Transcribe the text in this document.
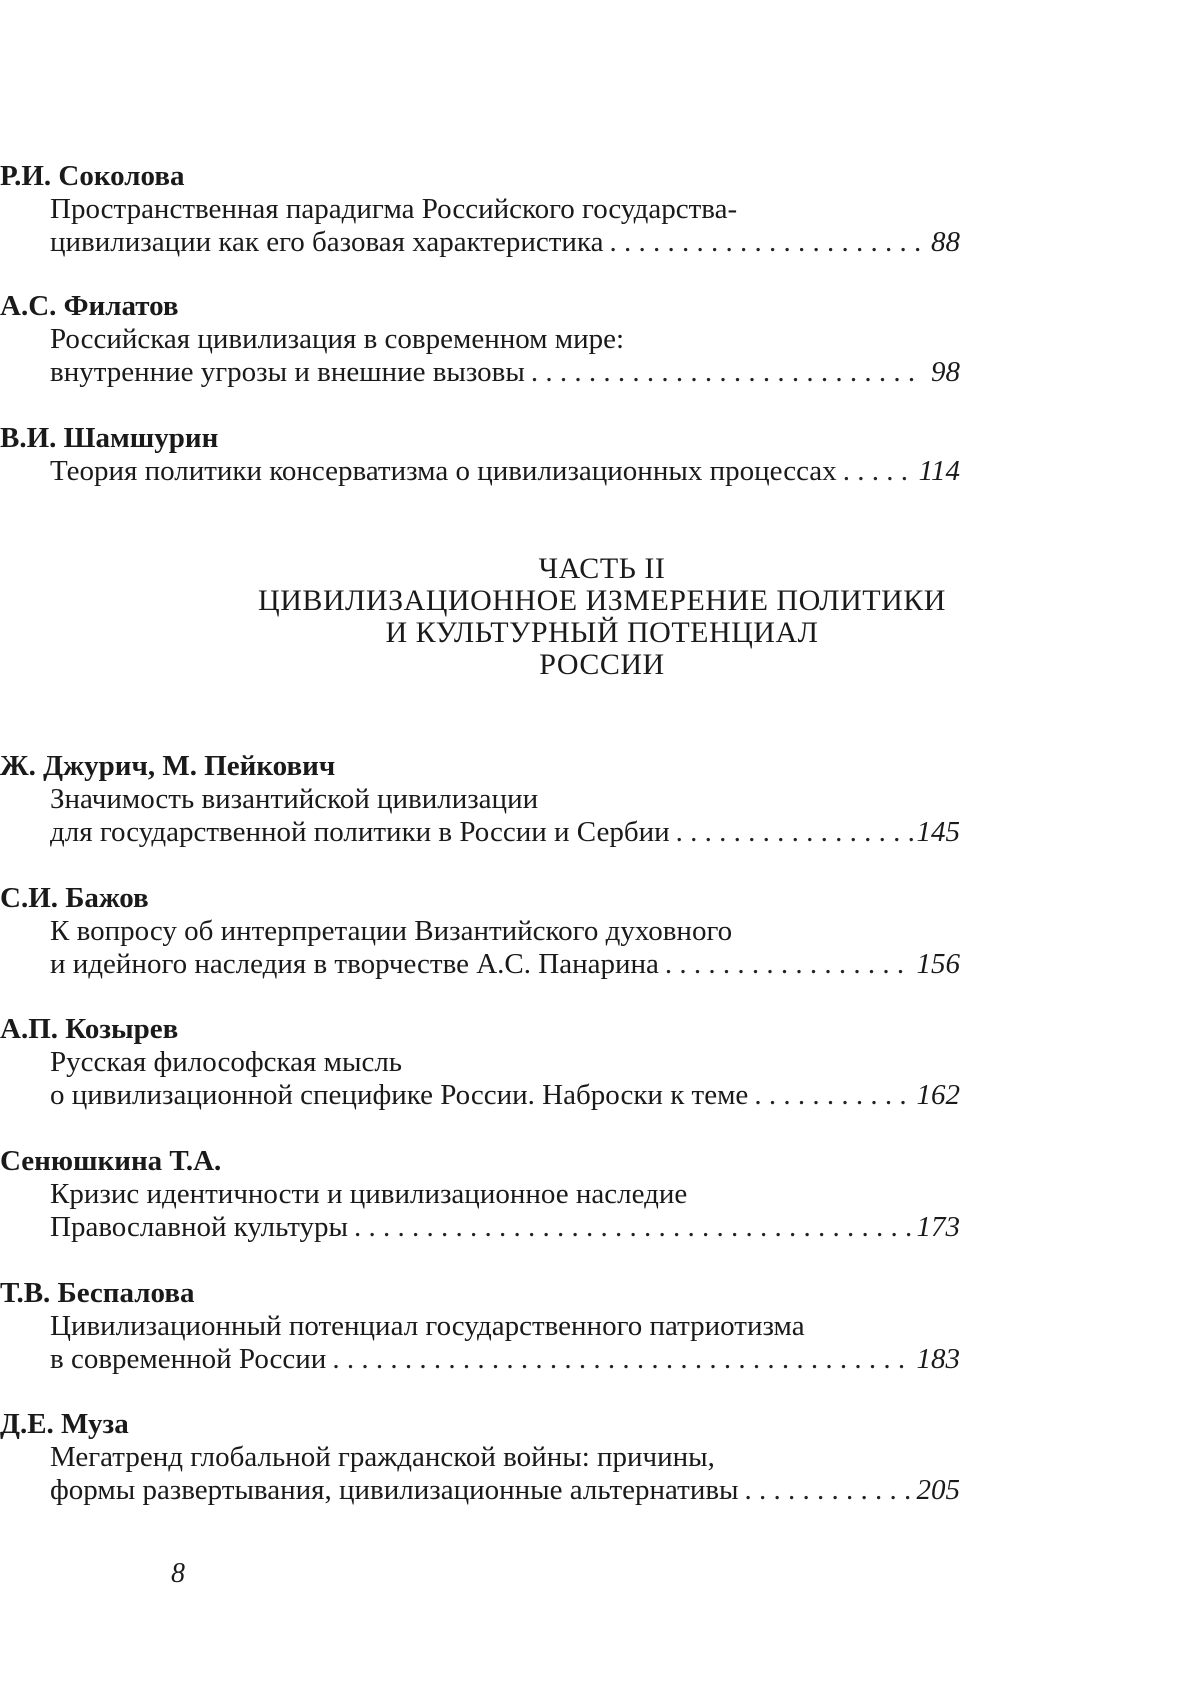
Р.И. Соколова
Пространственная парадигма Российского государства-
цивилизации как его базовая характеристика . . .	88
А.С. Филатов
Российская цивилизация в современном мире:
внутренние угрозы и внешние вызовы . . .	98
В.И. Шамшурин
Теория политики консерватизма о цивилизационных процессах . . .	114
ЧАСТЬ II
ЦИВИЛИЗАЦИОННОЕ ИЗМЕРЕНИЕ ПОЛИТИКИ
И КУЛЬТУРНЫЙ ПОТЕНЦИАЛ
РОССИИ
Ж. Джурич, М. Пейкович
Значимость византийской цивилизации
для государственной политики в России и Сербии . . .	145
С.И. Бажов
К вопросу об интерпретации Византийского духовного
и идейного наследия в творчестве А.С. Панарина . . .	156
А.П. Козырев
Русская философская мысль
о цивилизационной специфике России. Наброски к теме . . .	162
Сенюшкина Т.А.
Кризис идентичности и цивилизационное наследие
Православной культуры . . .	173
Т.В. Беспалова
Цивилизационный потенциал государственного патриотизма
в современной России . . .	183
Д.Е. Муза
Мегатренд глобальной гражданской войны: причины,
формы развертывания, цивилизационные альтернативы . . .	205
8
